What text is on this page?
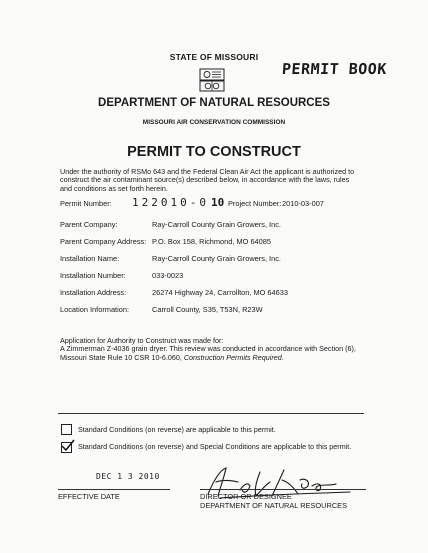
STATE OF MISSOURI
PERMIT BOOK
DEPARTMENT OF NATURAL RESOURCES
MISSOURI AIR CONSERVATION COMMISSION
PERMIT TO CONSTRUCT
Under the authority of RSMo 643 and the Federal Clean Air Act the applicant is authorized to construct the air contaminant source(s) described below, in accordance with the laws, rules and conditions as set forth herein.
Permit Number: 122010-0 10 Project Number: 2010-03-007
Parent Company:	Ray-Carroll County Grain Growers, Inc.
Parent Company Address: P.O. Box 158, Richmond, MO 64085
Installation Name:	Ray-Carroll County Grain Growers, Inc.
Installation Number:	033-0023
Installation Address:	26274 Highway 24, Carrollton, MO 64633
Location Information:	Carroll County, S35, T53N, R23W
Application for Authority to Construct was made for:
A Zimmerman Z-4036 grain dryer. This review was conducted in accordance with Section (6), Missouri State Rule 10 CSR 10-6.060, Construction Permits Required.
Standard Conditions (on reverse) are applicable to this permit.
Standard Conditions (on reverse) and Special Conditions are applicable to this permit.
DEC 1 3 2010
EFFECTIVE DATE	DIRECTOR OR DESIGNEE
DEPARTMENT OF NATURAL RESOURCES
